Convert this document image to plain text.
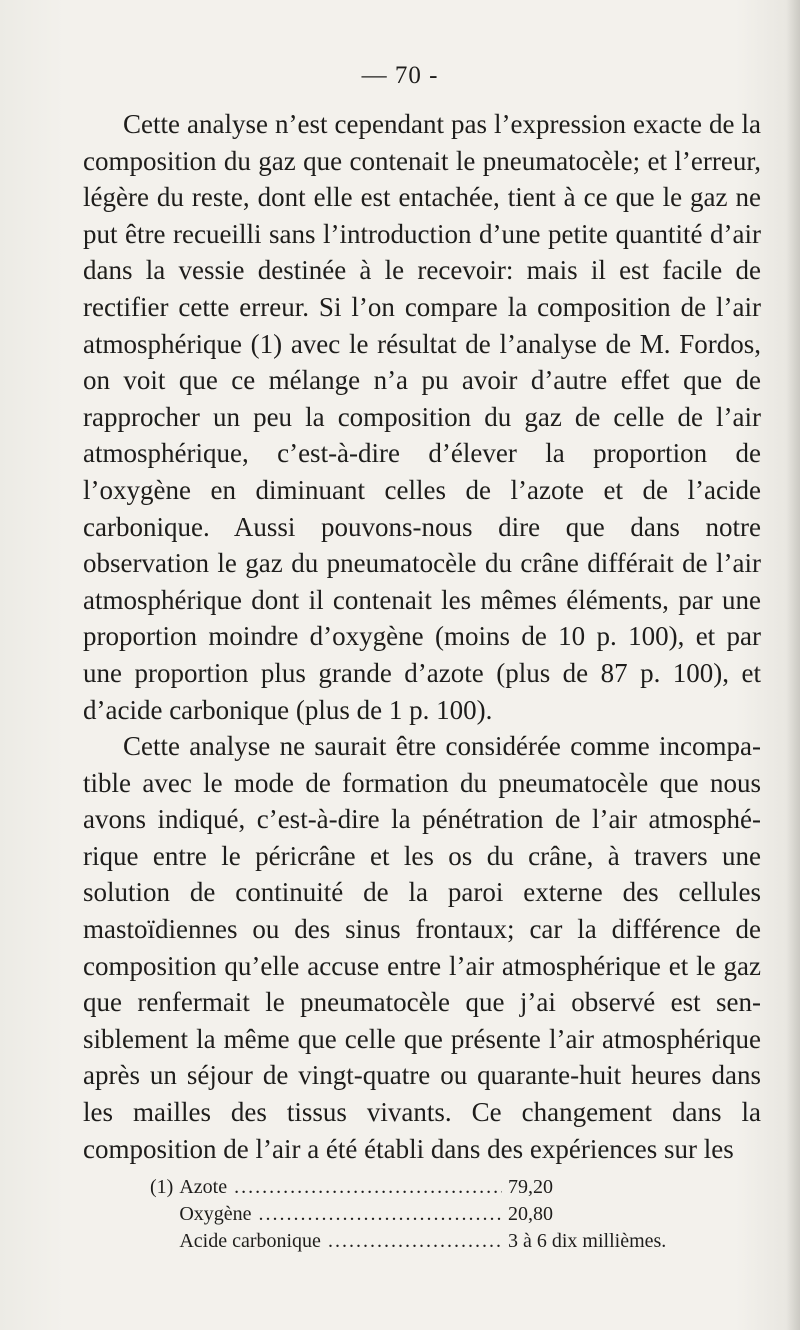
— 70 -

Cette analyse n’est cependant pas l’expression exacte de la composition du gaz que contenait le pneumatocèle; et l’erreur, légère du reste, dont elle est entachée, tient à ce que le gaz ne put être recueilli sans l’introduction d’une petite quantité d’air dans la vessie destinée à le recevoir: mais il est facile de rectifier cette erreur. Si l’on compare la composition de l’air atmosphérique (1) avec le résultat de l’analyse de M. Fordos, on voit que ce mélange n’a pu avoir d’autre effet que de rapprocher un peu la composition du gaz de celle de l’air atmosphérique, c’est-à-dire d’élever la proportion de l’oxygène en diminuant celles de l’azote et de l’acide carbonique. Aussi pouvons-nous dire que dans notre observation le gaz du pneumatocèle du crâne différait de l’air atmosphérique dont il contenait les mêmes éléments, par une proportion moindre d’oxygène (moins de 10 p. 100), et par une proportion plus grande d’azote (plus de 87 p. 100), et d’acide carbonique (plus de 1 p. 100).

Cette analyse ne saurait être considérée comme incompatible avec le mode de formation du pneumatocèle que nous avons indiqué, c’est-à-dire la pénétration de l’air atmosphérique entre le péricrâne et les os du crâne, à travers une solution de continuité de la paroi externe des cellules mastoïdiennes ou des sinus frontaux; car la différence de composition qu’elle accuse entre l’air atmosphérique et le gaz que renfermait le pneumatocèle que j’ai observé est sensiblement la même que celle que présente l’air atmosphérique après un séjour de vingt-quatre ou quarante-huit heures dans les mailles des tissus vivants. Ce changement dans la composition de l’air a été établi dans des expériences sur les

(1) Azote .....	79,20
Oxygène .....	20,80
Acide carbonique .....	3 à 6 dix millièmes.
